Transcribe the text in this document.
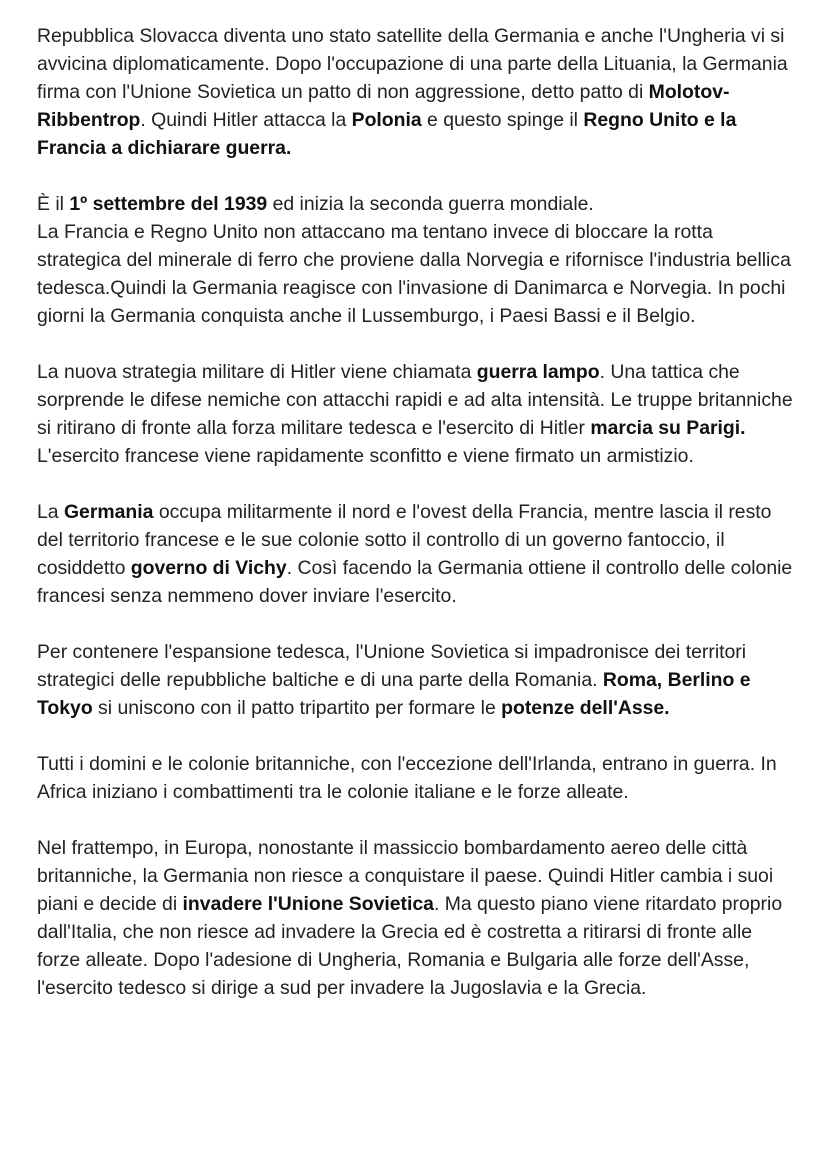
Repubblica Slovacca diventa uno stato satellite della Germania e anche l'Ungheria vi si avvicina diplomaticamente. Dopo l'occupazione di una parte della Lituania, la Germania firma con l'Unione Sovietica un patto di non aggressione, detto patto di Molotov-Ribbentrop. Quindi Hitler attacca la Polonia e questo spinge il Regno Unito e la Francia a dichiarare guerra.

È il 1º settembre del 1939 ed inizia la seconda guerra mondiale.
La Francia e Regno Unito non attaccano ma tentano invece di bloccare la rotta strategica del minerale di ferro che proviene dalla Norvegia e rifornisce l'industria bellica tedesca.Quindi la Germania reagisce con l'invasione di Danimarca e Norvegia. In pochi giorni la Germania conquista anche il Lussemburgo, i Paesi Bassi e il Belgio.

La nuova strategia militare di Hitler viene chiamata guerra lampo. Una tattica che sorprende le difese nemiche con attacchi rapidi e ad alta intensità. Le truppe britanniche si ritirano di fronte alla forza militare tedesca e l'esercito di Hitler marcia su Parigi. L'esercito francese viene rapidamente sconfitto e viene firmato un armistizio.

La Germania occupa militarmente il nord e l'ovest della Francia, mentre lascia il resto del territorio francese e le sue colonie sotto il controllo di un governo fantoccio, il cosiddetto governo di Vichy. Così facendo la Germania ottiene il controllo delle colonie francesi senza nemmeno dover inviare l'esercito.

Per contenere l'espansione tedesca, l'Unione Sovietica si impadronisce dei territori strategici delle repubbliche baltiche e di una parte della Romania. Roma, Berlino e Tokyo si uniscono con il patto tripartito per formare le potenze dell'Asse.

Tutti i domini e le colonie britanniche, con l'eccezione dell'Irlanda, entrano in guerra. In Africa iniziano i combattimenti tra le colonie italiane e le forze alleate.

Nel frattempo, in Europa, nonostante il massiccio bombardamento aereo delle città britanniche, la Germania non riesce a conquistare il paese. Quindi Hitler cambia i suoi piani e decide di invadere l'Unione Sovietica. Ma questo piano viene ritardato proprio dall'Italia, che non riesce ad invadere la Grecia ed è costretta a ritirarsi di fronte alle forze alleate. Dopo l'adesione di Ungheria, Romania e Bulgaria alle forze dell'Asse, l'esercito tedesco si dirige a sud per invadere la Jugoslavia e la Grecia.
